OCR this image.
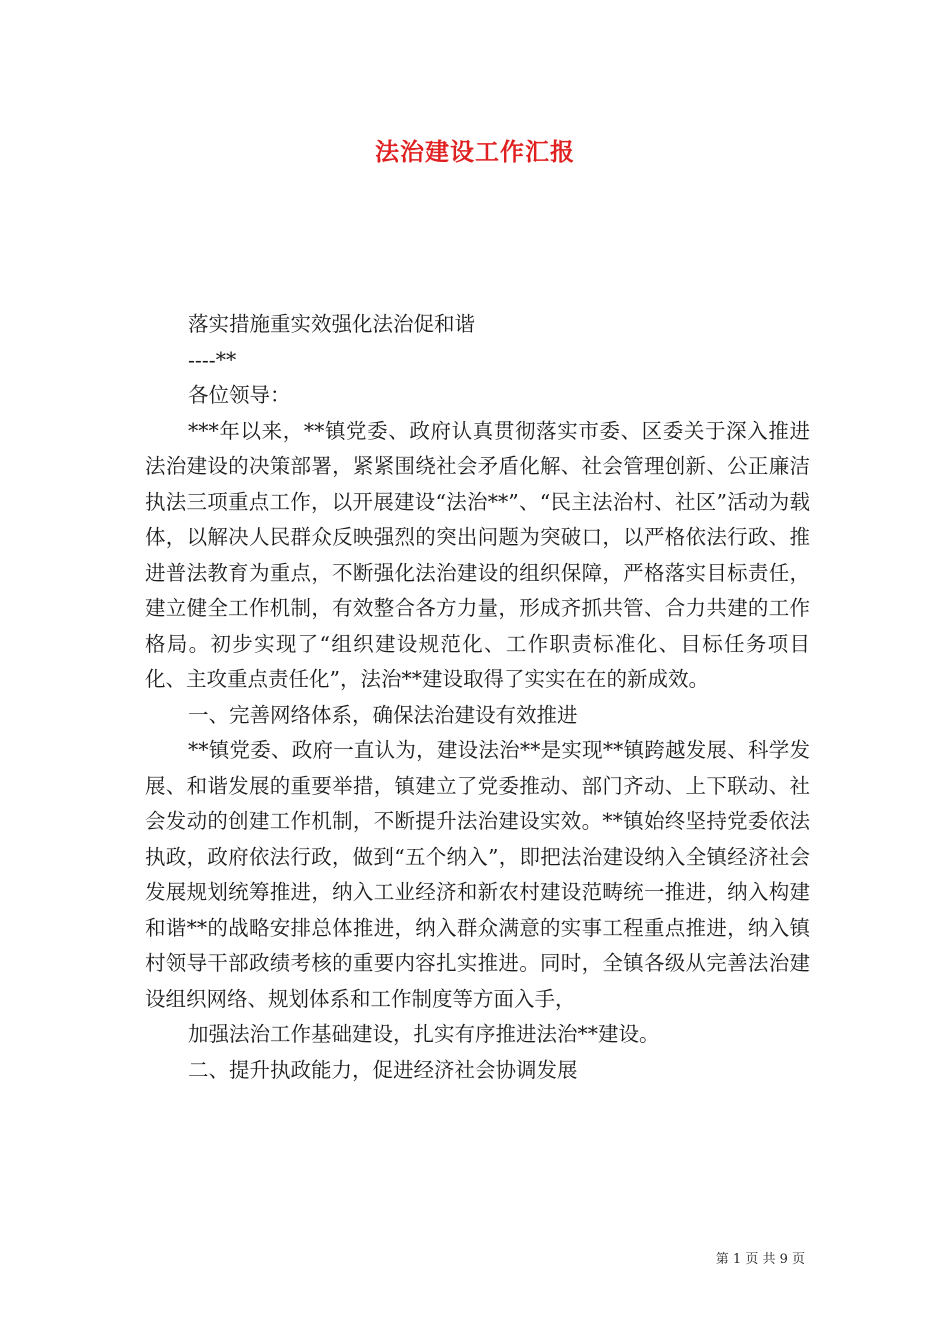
法治建设工作汇报

落实措施重实效强化法治促和谐

----**

各位领导：

***年以来，**镇党委、政府认真贯彻落实市委、区委关于深入推进法治建设的决策部署，紧紧围绕社会矛盾化解、社会管理创新、公正廉洁执法三项重点工作，以开展建设“法治**”、“民主法治村、社区”活动为载体，以解决人民群众反映强烈的突出问题为突破口，以严格依法行政、推进普法教育为重点，不断强化法治建设的组织保障，严格落实目标责任，建立健全工作机制，有效整合各方力量，形成齐抓共管、合力共建的工作格局。初步实现了“组织建设规范化、工作职责标准化、目标任务项目化、主攻重点责任化”，法治**建设取得了实实在在的新成效。

一、完善网络体系，确保法治建设有效推进

**镇党委、政府一直认为，建设法治**是实现**镇跨越发展、科学发展、和谐发展的重要举措，镇建立了党委推动、部门齐动、上下联动、社会发动的创建工作机制，不断提升法治建设实效。**镇始终坚持党委依法执政，政府依法行政，做到“五个纳入”，即把法治建设纳入全镇经济社会发展规划统筹推进，纳入工业经济和新农村建设范畴统一推进，纳入构建和谐**的战略安排总体推进，纳入群众满意的实事工程重点推进，纳入镇村领导干部政绩考核的重要内容扎实推进。同时，全镇各级从完善法治建设组织网络、规划体系和工作制度等方面入手，

加强法治工作基础建设，扎实有序推进法治**建设。

二、提升执政能力，促进经济社会协调发展

第 1 页 共 9 页
